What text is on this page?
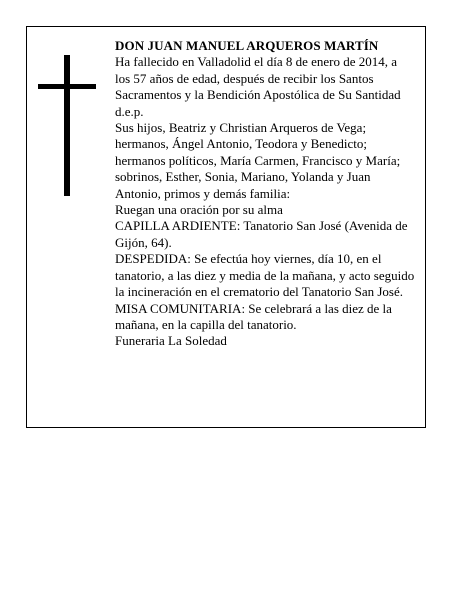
DON JUAN MANUEL ARQUEROS MARTÍN

Ha fallecido en Valladolid el día 8 de enero de 2014, a los 57 años de edad, después de recibir los Santos Sacramentos y la Bendición Apostólica de Su Santidad

d.e.p.

Sus hijos, Beatriz y Christian Arqueros de Vega; hermanos, Ángel Antonio, Teodora y Benedicto; hermanos políticos, María Carmen, Francisco y María; sobrinos, Esther, Sonia, Mariano, Yolanda y Juan Antonio, primos y demás familia:

Ruegan una oración por su alma

CAPILLA ARDIENTE: Tanatorio San José (Avenida de Gijón, 64).

DESPEDIDA: Se efectúa hoy viernes, día 10, en el tanatorio, a las diez y media de la mañana, y acto seguido la incineración en el crematorio del Tanatorio San José.

MISA COMUNITARIA: Se celebrará a las diez de la mañana, en la capilla del tanatorio.

Funeraria La Soledad
